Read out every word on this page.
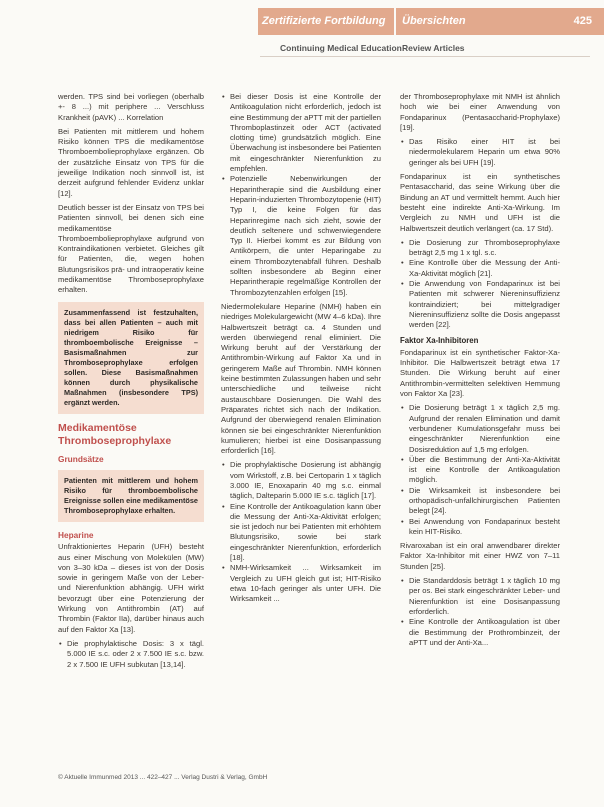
Zertifizierte Fortbildung Übersichten	425
Continuing Medical Education Review Articles

werden. TPS sind bei vorliegen (oberhalb +- 8 ...) mit periphere ... Verschluss Krankheit (pAVK) ... Korrelation

Bei Patienten mit mittlerem und hohem Risiko können TPS die medikamentöse Thromboembolieprophylaxe ergänzen. Ob der zusätzliche Einsatz von TPS für die jeweilige Indikation noch sinnvoll ist, ist derzeit aufgrund fehlender Evidenz unklar [12].

Deutlich besser ist der Einsatz von TPS bei Patienten sinnvoll, bei denen sich eine medikamentöse Thromboembolieprophylaxe aufgrund von Kontraindikationen verbietet. Gleiches gilt für Patienten, die, wegen hohen Blutungsrisikos prä- und intraoperativ keine medikamentöse Thromboseprophylaxe erhalten.

Zusammenfassend ist festzuhalten, dass bei allen Patienten – auch mit niedrigem Risiko für thromboembolische Ereignisse – Basismaßnahmen zur Thromboseprophylaxe erfolgen sollen. Diese Basismaßnahmen können durch physikalische Maßnahmen (insbesondere TPS) ergänzt werden.
Medikamentöse Thromboseprophylaxe
Grundsätze
Patienten mit mittlerem und hohem Risiko für thromboembolische Ereignisse sollen eine medikamentöse Thromboseprophylaxe erhalten.
Heparine

Unfraktioniertes Heparin (UFH) besteht aus einer Mischung von Molekülen (MW) von 3–30 kDa – dieses ist von der Dosis sowie in geringem Maße von der Leber- und Nierenfunktion abhängig. UFH wirkt bevorzugt über eine Potenzierung der Wirkung von Antithrombin (AT) auf Thrombin (Faktor IIa), darüber hinaus auch auf den Faktor Xa [13].

• Die prophylaktische Dosis: 3 x tägl. 5.000 IE s.c. oder 2 x 7.500 IE s.c. bzw. 2 x 7.500 IE UFH subkutan [13,14].
• Bei dieser Dosis ist eine Kontrolle der Antikoagulation nicht erforderlich, jedoch ist eine Bestimmung der aPTT mit der partiellen Thromboplastinzeit oder ACT (activated clotting time) grundsätzlich möglich. Eine Überwachung ist insbesondere bei Patienten mit eingeschränkter Nierenfunktion zu empfehlen.
• Potenzielle Nebenwirkungen der Heparintherapie sind die Ausbildung einer Heparin-induzierten Thrombozytopenie (HIT) Typ I, die keine Folgen für das Heparinregime nach sich zieht, sowie der deutlich seltenere und schwerwiegendere Typ II. Hierbei kommt es zur Bildung von Antikörpern, die unter Heparingabe zu einem Thrombozytenabfall führen. Deshalb sollten insbesondere ab Beginn einer Heparintherapie regelmäßige Kontrollen der Thrombozytenzahlen erfolgen [15].

Niedermolekulare Heparine (NMH) haben ein niedriges Molekulargewicht (MW 4–6 kDa). Ihre Halbwertszeit beträgt ca. 4 Stunden und werden überwiegend renal eliminiert. Die Wirkung beruht auf der Verstärkung der Antithrombin-Wirkung auf Faktor Xa und in geringerem Maße auf Thrombin. NMH können keine bestimmten Zulassungen haben und sehr unterschiedliche und teilweise nicht austauschbare Dosierungen. Die Wahl des Präparates richtet sich nach der Indikation. Aufgrund der überwiegend renalen Elimination können sie bei eingeschränkter Nierenfunktion kumulieren; hierbei ist eine Dosisanpassung erforderlich [16].

• Die prophylaktische Dosierung ist abhängig vom Wirkstoff, z.B. bei Certoparin 1 x täglich 3.000 IE, Enoxaparin 40 mg s.c. einmal täglich, Dalteparin 5.000 IE s.c. täglich [17].
• Eine Kontrolle der Antikoagulation kann über die Messung der Anti-Xa-Aktivität erfolgen; sie ist jedoch nur bei Patienten mit erhöhtem Blutungsrisiko, sowie bei stark eingeschränkter Nierenfunktion, erforderlich [18].
• NMH-Wirksamkeit ... Wirksamkeit im Vergleich zu UFH gleich gut ist; HIT-Risiko etwa 10-fach geringer als unter UFH. Die Wirksamkeit ...

der Thromboseprophylaxe mit NMH ist ähnlich hoch wie bei einer Anwendung von Fondaparinux (Pentasaccharid-Prophylaxe) [19].

• Das Risiko einer HIT ist bei niedermolekularem Heparin um etwa 90% geringer als bei UFH [19].

Fondaparinux ist ein synthetisches Pentasaccharid, das seine Wirkung über die Bindung an AT und vermittelt hemmt. Auch hier besteht eine indirekte Anti-Xa-Wirkung. Im Vergleich zu NMH und UFH ist die Halbwertszeit deutlich verlängert (ca. 17 Std).

• Die Dosierung zur Thromboseprophylaxe beträgt 2,5 mg 1 x tgl. s.c.
• Eine Kontrolle über die Messung der Anti-Xa-Aktivität möglich [21].
• Die Anwendung von Fondaparinux ist bei Patienten mit schwerer Niereninsuffizienz kontraindiziert; bei mittelgradiger Niereninsuffizienz sollte die Dosis angepasst werden [22].
Faktor Xa-Inhibitoren

Fondaparinux ist ein synthetischer Faktor-Xa-Inhibitor. Die Halbwertszeit beträgt etwa 17 Stunden. Die Wirkung beruht auf einer Antithrombin-vermittelten selektiven Hemmung von Faktor Xa [23].

• Die Dosierung beträgt 1 x täglich 2,5 mg. Aufgrund der renalen Elimination und damit verbundener Kumulationsgefahr muss bei eingeschränkter Nierenfunktion eine Dosisreduktion auf 1,5 mg erfolgen.
• Über die Bestimmung der Anti-Xa-Aktivität ist eine Kontrolle der Antikoagulation möglich.
• Die Wirksamkeit ist insbesondere bei orthopädisch-unfallchirurgischen Patienten belegt [24].
• Bei Anwendung von Fondaparinux besteht kein HIT-Risiko.

Rivaroxaban ist ein oral anwendbarer direkter Faktor Xa-Inhibitor mit einer HWZ von 7–11 Stunden [25].

• Die Standarddosis beträgt 1 x täglich 10 mg per os. Bei stark eingeschränkter Leber- und Nierenfunktion ist eine Dosisanpassung erforderlich.
• Eine Kontrolle der Antikoagulation ist über die Bestimmung der Prothrombinzeit, der aPTT und der Anti-Xa...
© Aktuelle Immunmed 2013 ... 422–427 ... Verlag Dustri & Verlag, GmbH
